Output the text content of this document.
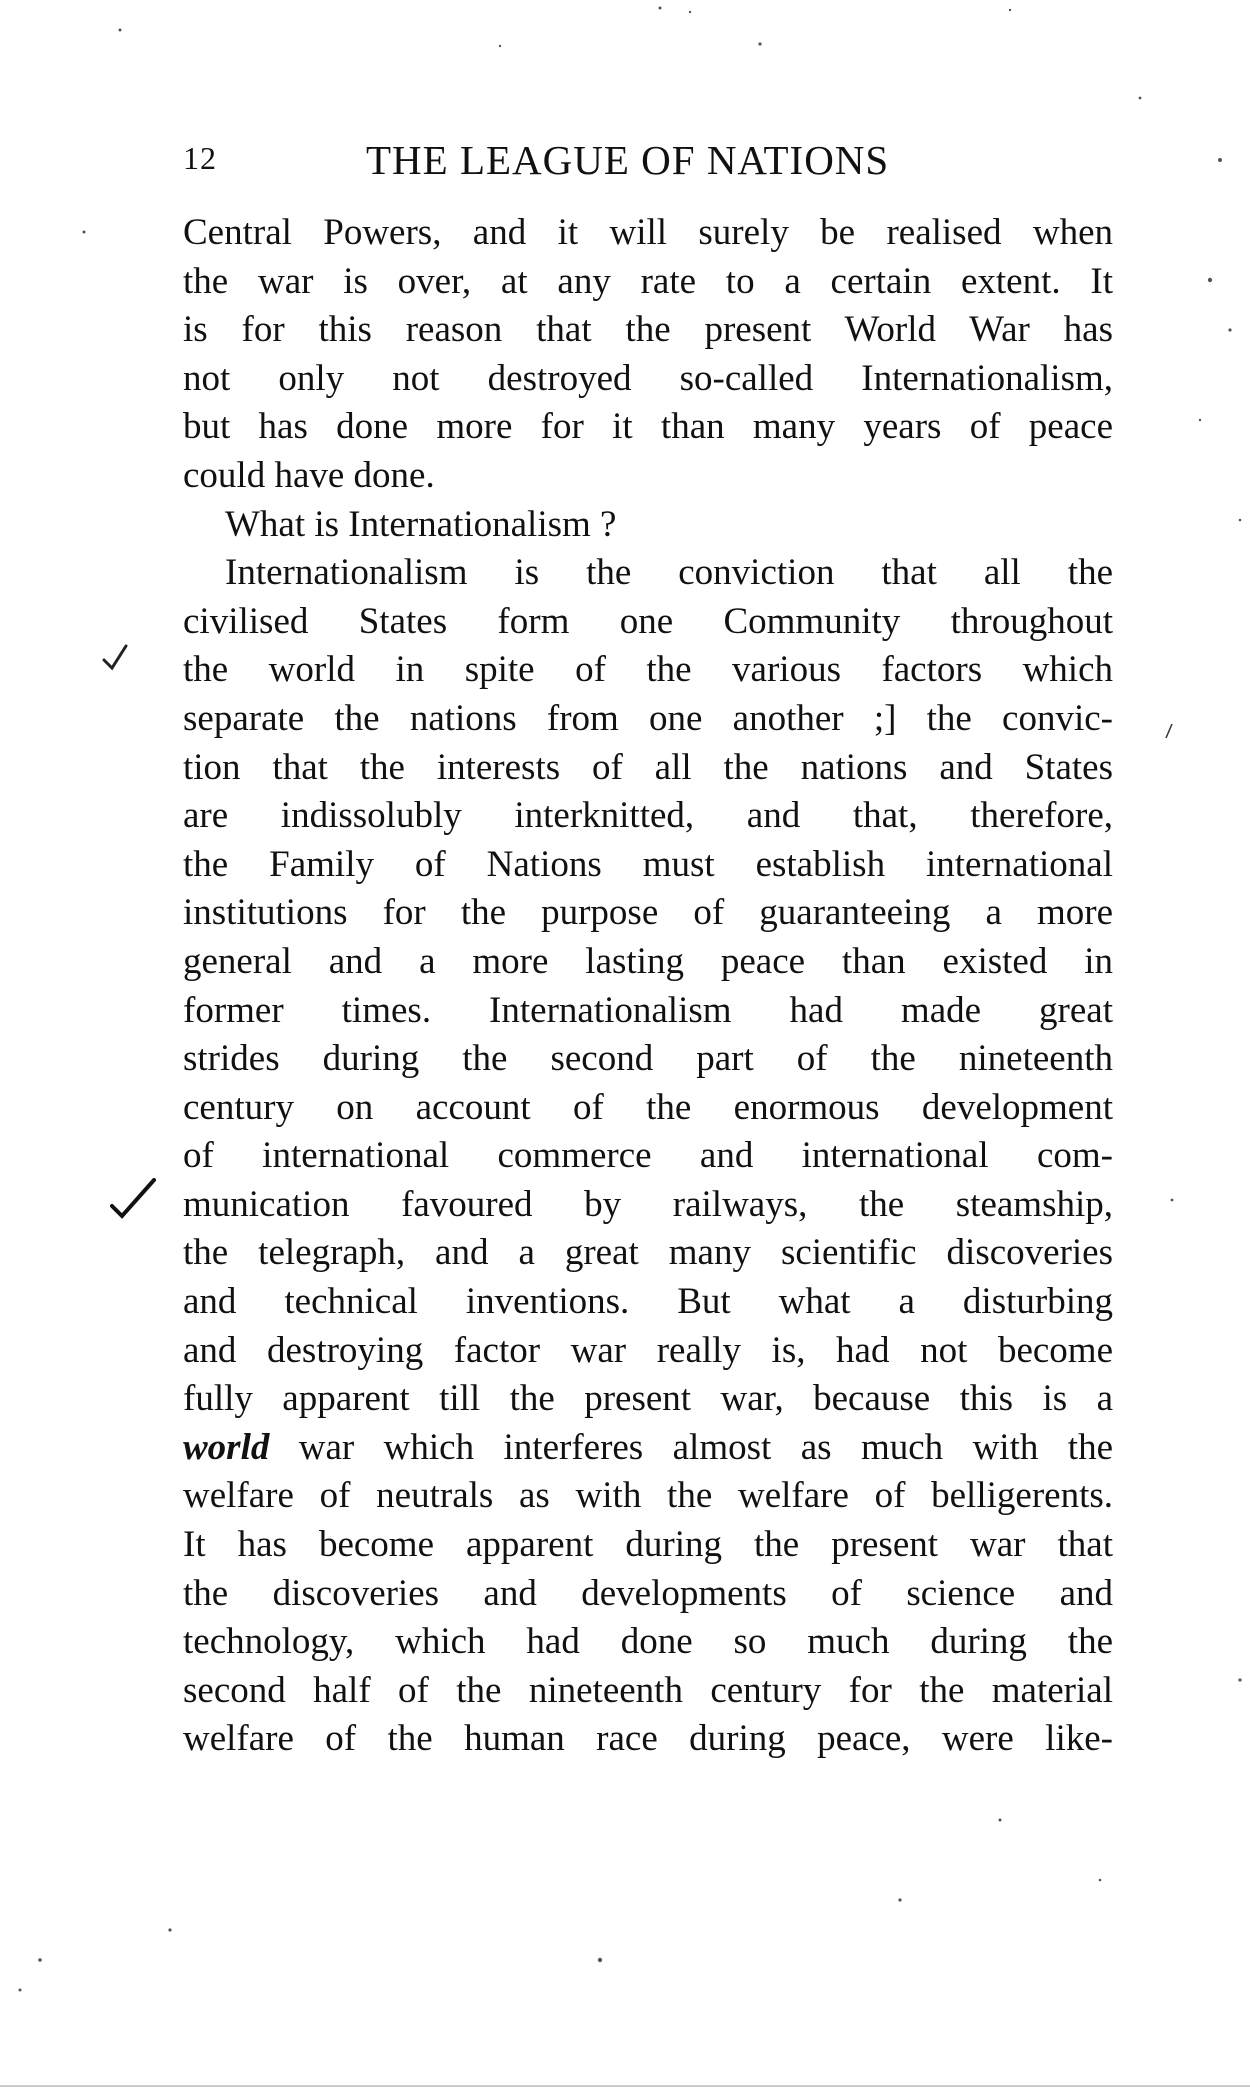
12	THE LEAGUE OF NATIONS
Central Powers, and it will surely be realised when
the war is over, at any rate to a certain extent. It
is for this reason that the present World War has
not only not destroyed so-called Internationalism,
but has done more for it than many years of peace
could have done.
What is Internationalism ?
Internationalism is the conviction that all the
civilised States form one Community throughout
the world in spite of the various factors which
separate the nations from one another ;] the convic-
tion that the interests of all the nations and States
are indissolubly interknitted, and that, therefore,
the Family of Nations must establish international
institutions for the purpose of guaranteeing a more
general and a more lasting peace than existed in
former times. Internationalism had made great
strides during the second part of the nineteenth
century on account of the enormous development
of international commerce and international com-
munication favoured by railways, the steamship,
the telegraph, and a great many scientific discoveries
and technical inventions. But what a disturbing
and destroying factor war really is, had not become
fully apparent till the present war, because this is a
world war which interferes almost as much with the
welfare of neutrals as with the welfare of belligerents.
It has become apparent during the present war that
the discoveries and developments of science and
technology, which had done so much during the
second half of the nineteenth century for the material
welfare of the human race during peace, were like-
